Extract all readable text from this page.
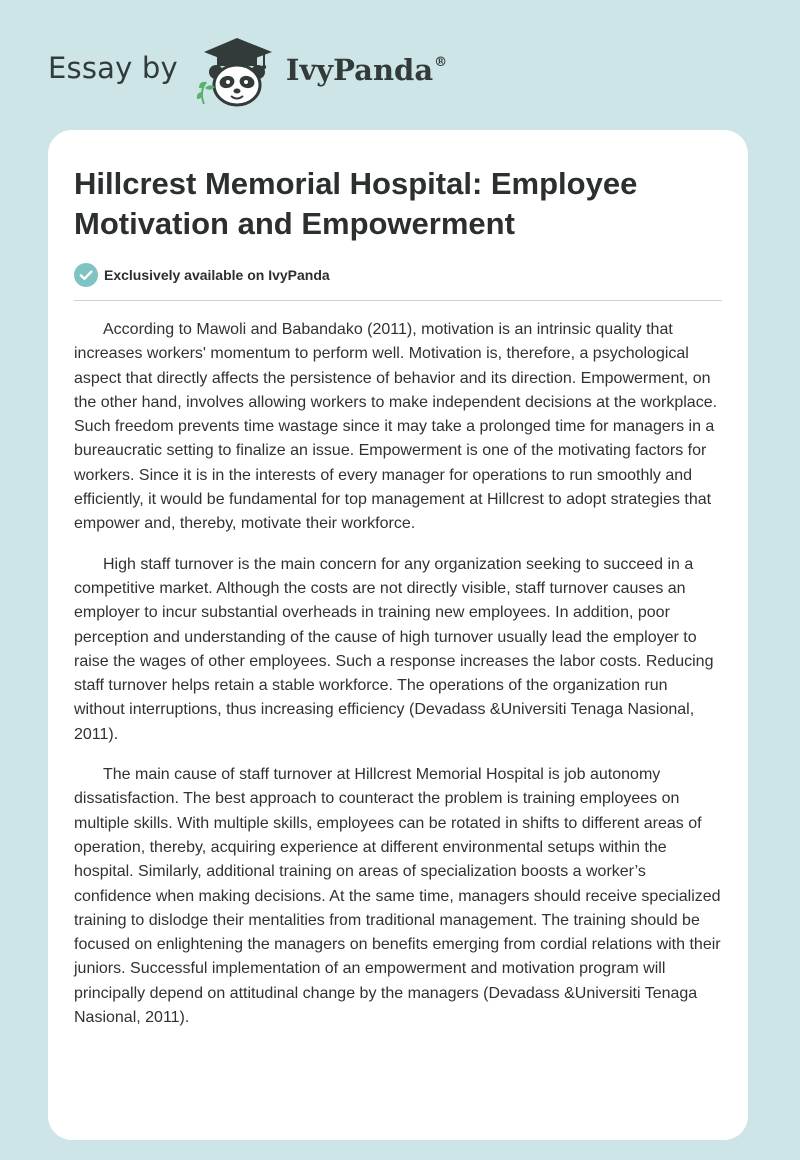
Essay by	IvyPanda®
Hillcrest Memorial Hospital: Employee Motivation and Empowerment
Exclusively available on IvyPanda

According to Mawoli and Babandako (2011), motivation is an intrinsic quality that increases workers' momentum to perform well. Motivation is, therefore, a psychological aspect that directly affects the persistence of behavior and its direction. Empowerment, on the other hand, involves allowing workers to make independent decisions at the workplace. Such freedom prevents time wastage since it may take a prolonged time for managers in a bureaucratic setting to finalize an issue. Empowerment is one of the motivating factors for workers. Since it is in the interests of every manager for operations to run smoothly and efficiently, it would be fundamental for top management at Hillcrest to adopt strategies that empower and, thereby, motivate their workforce.

High staff turnover is the main concern for any organization seeking to succeed in a competitive market. Although the costs are not directly visible, staff turnover causes an employer to incur substantial overheads in training new employees. In addition, poor perception and understanding of the cause of high turnover usually lead the employer to raise the wages of other employees. Such a response increases the labor costs. Reducing staff turnover helps retain a stable workforce. The operations of the organization run without interruptions, thus increasing efficiency (Devadass &Universiti Tenaga Nasional, 2011).

The main cause of staff turnover at Hillcrest Memorial Hospital is job autonomy dissatisfaction. The best approach to counteract the problem is training employees on multiple skills. With multiple skills, employees can be rotated in shifts to different areas of operation, thereby, acquiring experience at different environmental setups within the hospital. Similarly, additional training on areas of specialization boosts a worker’s confidence when making decisions. At the same time, managers should receive specialized training to dislodge their mentalities from traditional management. The training should be focused on enlightening the managers on benefits emerging from cordial relations with their juniors. Successful implementation of an empowerment and motivation program will principally depend on attitudinal change by the managers (Devadass &Universiti Tenaga Nasional, 2011).
